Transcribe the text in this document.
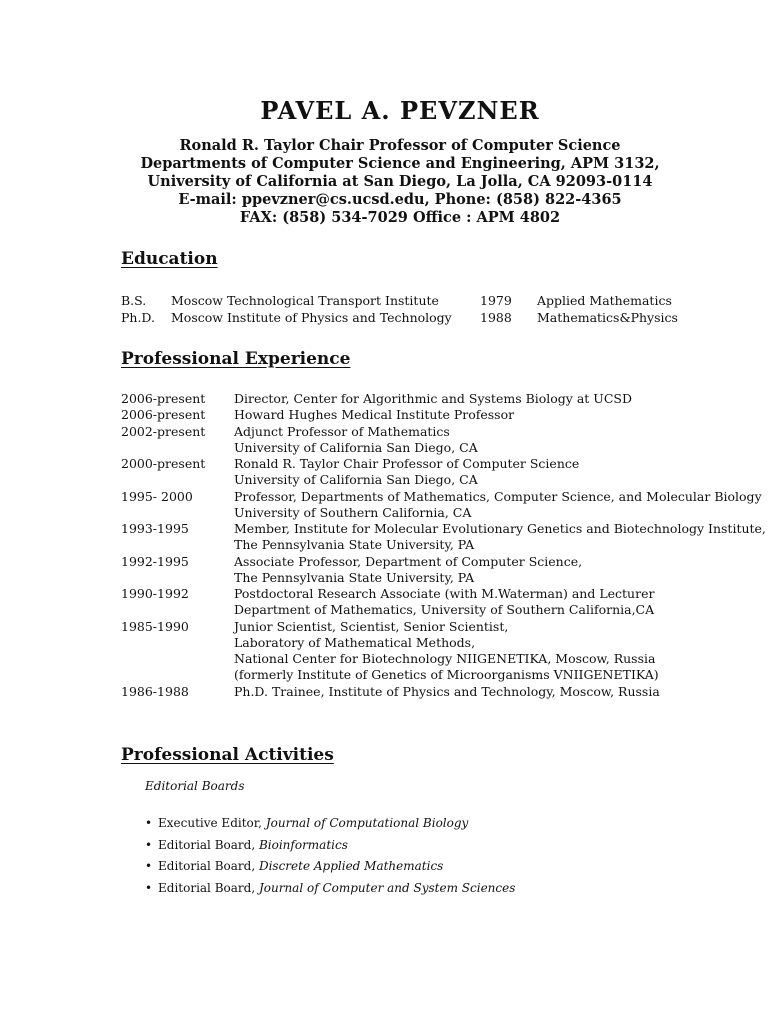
PAVEL A. PEVZNER
Ronald R. Taylor Chair Professor of Computer Science
Departments of Computer Science and Engineering, APM 3132,
University of California at San Diego, La Jolla, CA 92093-0114
E-mail: ppevzner@cs.ucsd.edu, Phone: (858) 822-4365
FAX: (858) 534-7029 Office : APM 4802
Education
B.S. Moscow Technological Transport Institute	1979 Applied Mathematics
Ph.D. Moscow Institute of Physics and Technology 1988 Mathematics&Physics
Professional Experience
2006-present Director, Center for Algorithmic and Systems Biology at UCSD
2006-present Howard Hughes Medical Institute Professor
2002-present Adjunct Professor of Mathematics
University of California San Diego, CA
2000-present Ronald R. Taylor Chair Professor of Computer Science
University of California San Diego, CA
1995- 2000	Professor, Departments of Mathematics, Computer Science, and Molecular Biology
University of Southern California, CA
1993-1995	Member, Institute for Molecular Evolutionary Genetics and Biotechnology Institute,
The Pennsylvania State University, PA
1992-1995	Associate Professor, Department of Computer Science,
The Pennsylvania State University, PA
1990-1992	Postdoctoral Research Associate (with M.Waterman) and Lecturer
Department of Mathematics, University of Southern California,CA
1985-1990	Junior Scientist, Scientist, Senior Scientist,
Laboratory of Mathematical Methods,
National Center for Biotechnology NIIGENETIKA, Moscow, Russia
(formerly Institute of Genetics of Microorganisms VNIIGENETIKA)
1986-1988	Ph.D. Trainee, Institute of Physics and Technology, Moscow, Russia
Professional Activities
Editorial Boards
• Executive Editor, Journal of Computational Biology
• Editorial Board, Bioinformatics
• Editorial Board, Discrete Applied Mathematics
• Editorial Board, Journal of Computer and System Sciences
